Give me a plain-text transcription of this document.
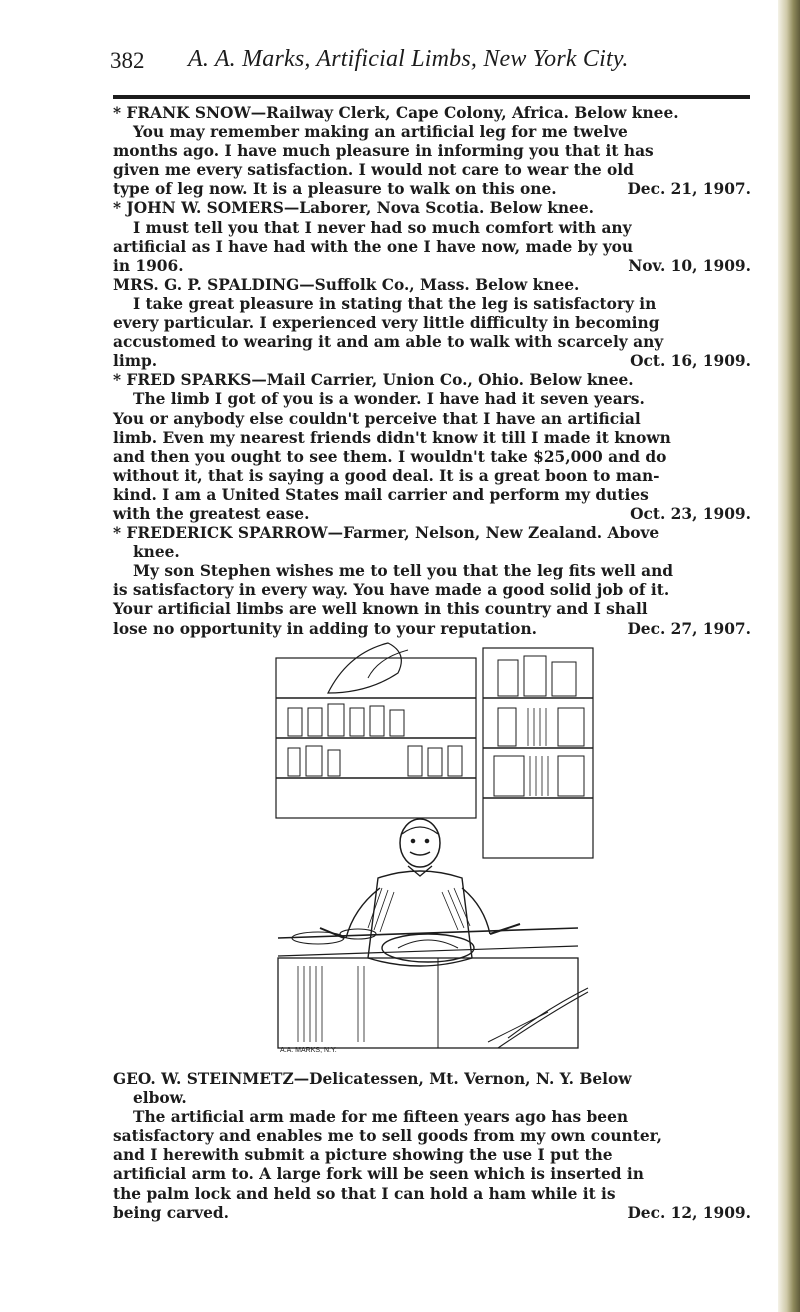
382 A. A. Marks, Artificial Limbs, New York City.
* FRANK SNOW—Railway Clerk, Cape Colony, Africa. Below knee.
You may remember making an artificial leg for me twelve
months ago. I have much pleasure in informing you that it has
given me every satisfaction. I would not care to wear the old
type of leg now. It is a pleasure to walk on this one.	Dec. 21, 1907.
* JOHN W. SOMERS—Laborer, Nova Scotia. Below knee.
I must tell you that I never had so much comfort with any
artificial as I have had with the one I have now, made by you
in 1906.	Nov. 10, 1909.
MRS. G. P. SPALDING—Suffolk Co., Mass. Below knee.
I take great pleasure in stating that the leg is satisfactory in
every particular. I experienced very little difficulty in becoming
accustomed to wearing it and am able to walk with scarcely any
limp.	Oct. 16, 1909.
* FRED SPARKS—Mail Carrier, Union Co., Ohio. Below knee.
The limb I got of you is a wonder. I have had it seven years.
You or anybody else couldn't perceive that I have an artificial
limb. Even my nearest friends didn't know it till I made it known
and then you ought to see them. I wouldn't take $25,000 and do
without it, that is saying a good deal. It is a great boon to man-
kind. I am a United States mail carrier and perform my duties
with the greatest ease.	Oct. 23, 1909.
* FREDERICK SPARROW—Farmer, Nelson, New Zealand. Above
knee.
My son Stephen wishes me to tell you that the leg fits well and
is satisfactory in every way. You have made a good solid job of it.
Your artificial limbs are well known in this country and I shall
lose no opportunity in adding to your reputation.	Dec. 27, 1907.
A.A. MARKS, N.Y.
GEO. W. STEINMETZ—Delicatessen, Mt. Vernon, N. Y. Below
elbow.
The artificial arm made for me fifteen years ago has been
satisfactory and enables me to sell goods from my own counter,
and I herewith submit a picture showing the use I put the
artificial arm to. A large fork will be seen which is inserted in
the palm lock and held so that I can hold a ham while it is
being carved.	Dec. 12, 1909.
